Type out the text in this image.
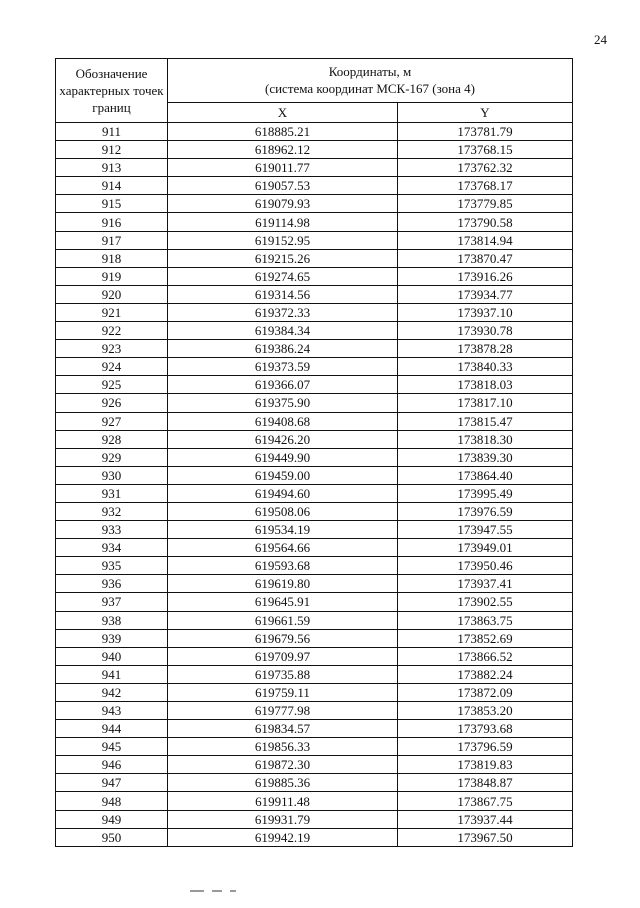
24
Обозначение характерных точек границ	Координаты, м
(система координат МСК-167 (зона 4)	

	X	Y
911	618885.21	173781.79
912	618962.12	173768.15
913	619011.77	173762.32
914	619057.53	173768.17
915	619079.93	173779.85
916	619114.98	173790.58
917	619152.95	173814.94
918	619215.26	173870.47
919	619274.65	173916.26
920	619314.56	173934.77
921	619372.33	173937.10
922	619384.34	173930.78
923	619386.24	173878.28
924	619373.59	173840.33
925	619366.07	173818.03
926	619375.90	173817.10
927	619408.68	173815.47
928	619426.20	173818.30
929	619449.90	173839.30
930	619459.00	173864.40
931	619494.60	173995.49
932	619508.06	173976.59
933	619534.19	173947.55
934	619564.66	173949.01
935	619593.68	173950.46
936	619619.80	173937.41
937	619645.91	173902.55
938	619661.59	173863.75
939	619679.56	173852.69
940	619709.97	173866.52
941	619735.88	173882.24
942	619759.11	173872.09
943	619777.98	173853.20
944	619834.57	173793.68
945	619856.33	173796.59
946	619872.30	173819.83
947	619885.36	173848.87
948	619911.48	173867.75
949	619931.79	173937.44
950	619942.19	173967.50
